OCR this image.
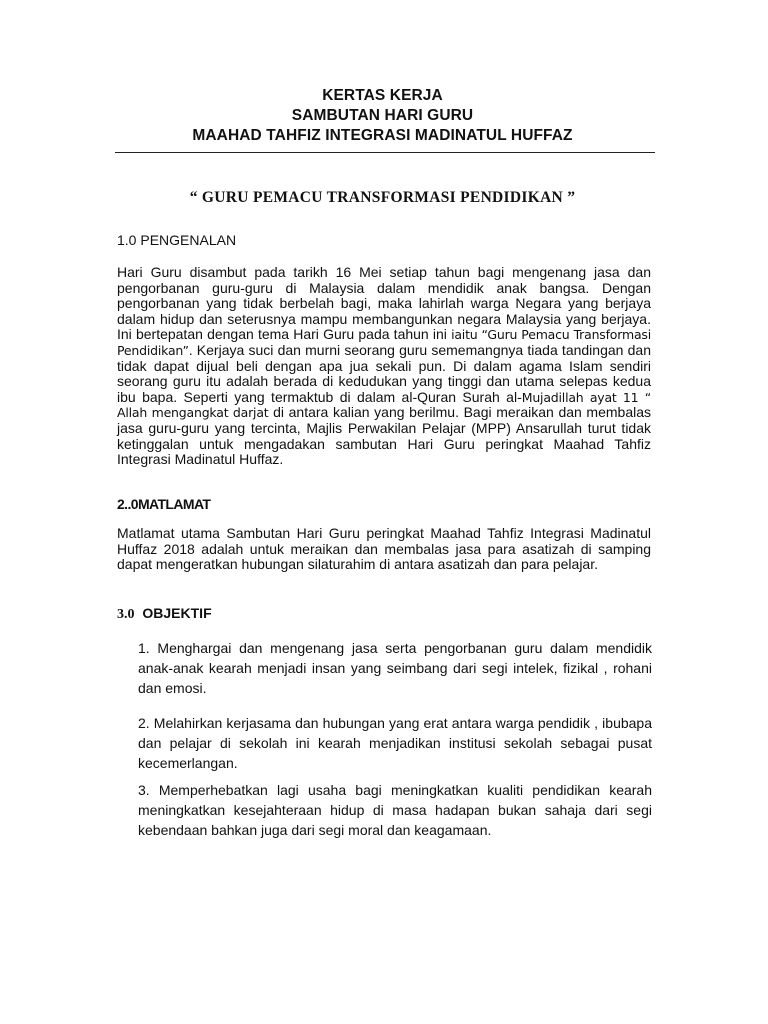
KERTAS KERJA
SAMBUTAN HARI GURU
MAAHAD TAHFIZ INTEGRASI MADINATUL HUFFAZ
“ GURU PEMACU TRANSFORMASI PENDIDIKAN ”
1.0 PENGENALAN
Hari Guru disambut pada tarikh 16 Mei setiap tahun bagi mengenang jasa dan pengorbanan guru-guru di Malaysia dalam mendidik anak bangsa. Dengan pengorbanan yang tidak berbelah bagi, maka lahirlah warga Negara yang berjaya dalam hidup dan seterusnya mampu membangunkan negara Malaysia yang berjaya. Ini bertepatan dengan tema Hari Guru pada tahun ini iaitu “Guru Pemacu Transformasi Pendidikan”. Kerjaya suci dan murni seorang guru sememangnya tiada tandingan dan tidak dapat dijual beli dengan apa jua sekali pun. Di dalam agama Islam sendiri seorang guru itu adalah berada di kedudukan yang tinggi dan utama selepas kedua ibu bapa. Seperti yang termaktub di dalam al-Quran Surah al-Mujadillah ayat 11 “ Allah mengangkat darjat di antara kalian yang berilmu. Bagi meraikan dan membalas jasa guru-guru yang tercinta, Majlis Perwakilan Pelajar (MPP) Ansarullah turut tidak ketinggalan untuk mengadakan sambutan Hari Guru peringkat Maahad Tahfiz Integrasi Madinatul Huffaz.
2..0MATLAMAT
Matlamat utama Sambutan Hari Guru peringkat Maahad Tahfiz Integrasi Madinatul Huffaz 2018 adalah untuk meraikan dan membalas jasa para asatizah di samping dapat mengeratkan hubungan silaturahim di antara asatizah dan para pelajar.
3.0 OBJEKTIF
1. Menghargai dan mengenang jasa serta pengorbanan guru dalam mendidik anak-anak kearah menjadi insan yang seimbang dari segi intelek, fizikal , rohani dan emosi.
2. Melahirkan kerjasama dan hubungan yang erat antara warga pendidik , ibubapa dan pelajar di sekolah ini kearah menjadikan institusi sekolah sebagai pusat kecemerlangan.
3. Memperhebatkan lagi usaha bagi meningkatkan kualiti pendidikan kearah meningkatkan kesejahteraan hidup di masa hadapan bukan sahaja dari segi kebendaan bahkan juga dari segi moral dan keagamaan.
